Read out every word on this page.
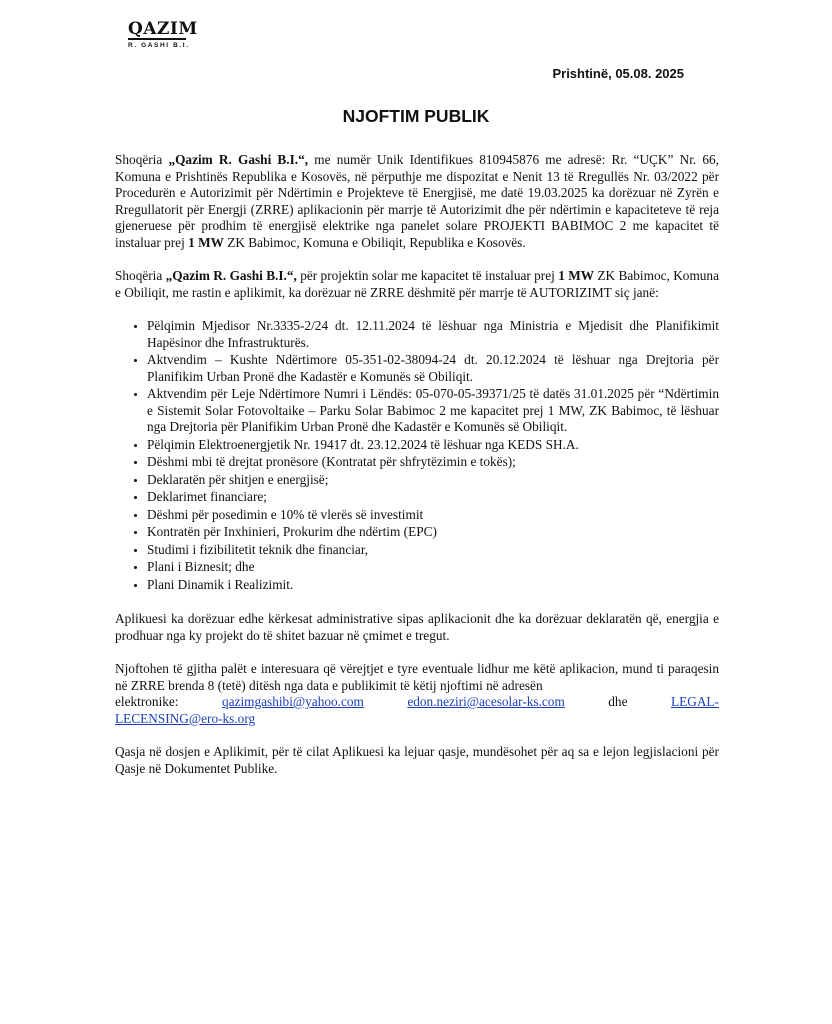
QAZIM
R. GASHI B.I.
Prishtinë, 05.08. 2025
NJOFTIM PUBLIK

Shoqëria „Qazim R. Gashi B.I.“, me numër Unik Identifikues 810945876 me adresë: Rr. “UÇK” Nr. 66, Komuna e Prishtinës Republika e Kosovës, në përputhje me dispozitat e Nenit 13 të Rregullës Nr. 03/2022 për Procedurën e Autorizimit për Ndërtimin e Projekteve të Energjisë, me datë 19.03.2025 ka dorëzuar në Zyrën e Rregullatorit për Energji (ZRRE) aplikacionin për marrje të Autorizimit dhe për ndërtimin e kapaciteteve të reja gjeneruese për prodhim të energjisë elektrike nga panelet solare PROJEKTI BABIMOC 2 me kapacitet të instaluar prej 1 MW ZK Babimoc, Komuna e Obiliqit, Republika e Kosovës.

Shoqëria „Qazim R. Gashi B.I.“, për projektin solar me kapacitet të instaluar prej 1 MW ZK Babimoc, Komuna e Obiliqit, me rastin e aplikimit, ka dorëzuar në ZRRE dëshmitë për marrje të AUTORIZIMT siç janë:

• Pëlqimin Mjedisor Nr.3335-2/24 dt. 12.11.2024 të lëshuar nga Ministria e Mjedisit dhe Planifikimit Hapësinor dhe Infrastrukturës.
• Aktvendim – Kushte Ndërtimore 05-351-02-38094-24 dt. 20.12.2024 të lëshuar nga Drejtoria për Planifikim Urban Pronë dhe Kadastër e Komunës së Obiliqit.
• Aktvendim për Leje Ndërtimore Numri i Lëndës: 05-070-05-39371/25 të datës 31.01.2025 për “Ndërtimin e Sistemit Solar Fotovoltaike – Parku Solar Babimoc 2 me kapacitet prej 1 MW, ZK Babimoc, të lëshuar nga Drejtoria për Planifikim Urban Pronë dhe Kadastër e Komunës së Obiliqit.
• Pëlqimin Elektroenergjetik Nr. 19417 dt. 23.12.2024 të lëshuar nga KEDS SH.A.
• Dëshmi mbi të drejtat pronësore (Kontratat për shfrytëzimin e tokës);
• Deklaratën për shitjen e energjisë;
• Deklarimet financiare;
• Dëshmi për posedimin e 10% të vlerës së investimit
• Kontratën për Inxhinieri, Prokurim dhe ndërtim (EPC)
• Studimi i fizibilitetit teknik dhe financiar,
• Plani i Biznesit; dhe
• Plani Dinamik i Realizimit.

Aplikuesi ka dorëzuar edhe kërkesat administrative sipas aplikacionit dhe ka dorëzuar deklaratën që, energjia e prodhuar nga ky projekt do të shitet bazuar në çmimet e tregut.

Njoftohen të gjitha palët e interesuara që vërejtjet e tyre eventuale lidhur me këtë aplikacion, mund ti paraqesin në ZRRE brenda 8 (tetë) ditësh nga data e publikimit të këtij njoftimi në adresën
elektronike:	qazimgashibi@yahoo.com	edon.neziri@acesolar-ks.com	dhe	LEGAL-
LECENSING@ero-ks.org

Qasja në dosjen e Aplikimit, për të cilat Aplikuesi ka lejuar qasje, mundësohet për aq sa e lejon legjislacioni për Qasje në Dokumentet Publike.
